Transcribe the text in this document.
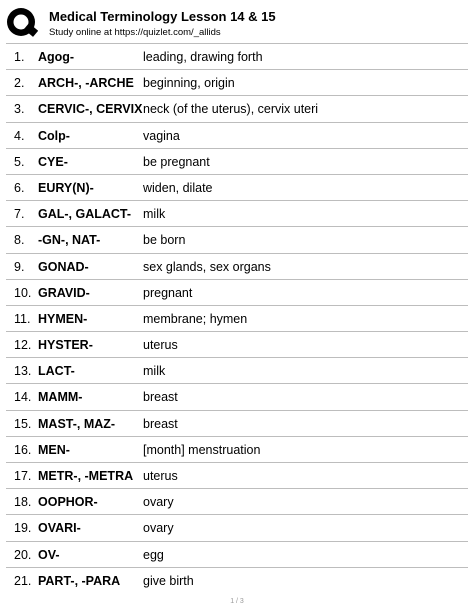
Medical Terminology Lesson 14 & 15
Study online at https://quizlet.com/_allids
1. Agog-	leading, drawing forth
2. ARCH-, -ARCHE beginning, origin
3. CERVIC-, CERVIX neck (of the uterus), cervix uteri
4. Colp-	vagina
5. CYE-	be pregnant
6. EURY(N)-	widen, dilate
7. GAL-, GALACT- milk
8. -GN-, NAT-	be born
9. GONAD-	sex glands, sex organs
10. GRAVID-	pregnant
11. HYMEN-	membrane; hymen
12. HYSTER-	uterus
13. LACT-	milk
14. MAMM-	breast
15. MAST-, MAZ- breast
16. MEN-	[month] menstruation
17. METR-, -METRA uterus
18. OOPHOR-	ovary
19. OVARI-	ovary
20. OV-	egg
21. PART-, -PARA give birth
1 / 3
